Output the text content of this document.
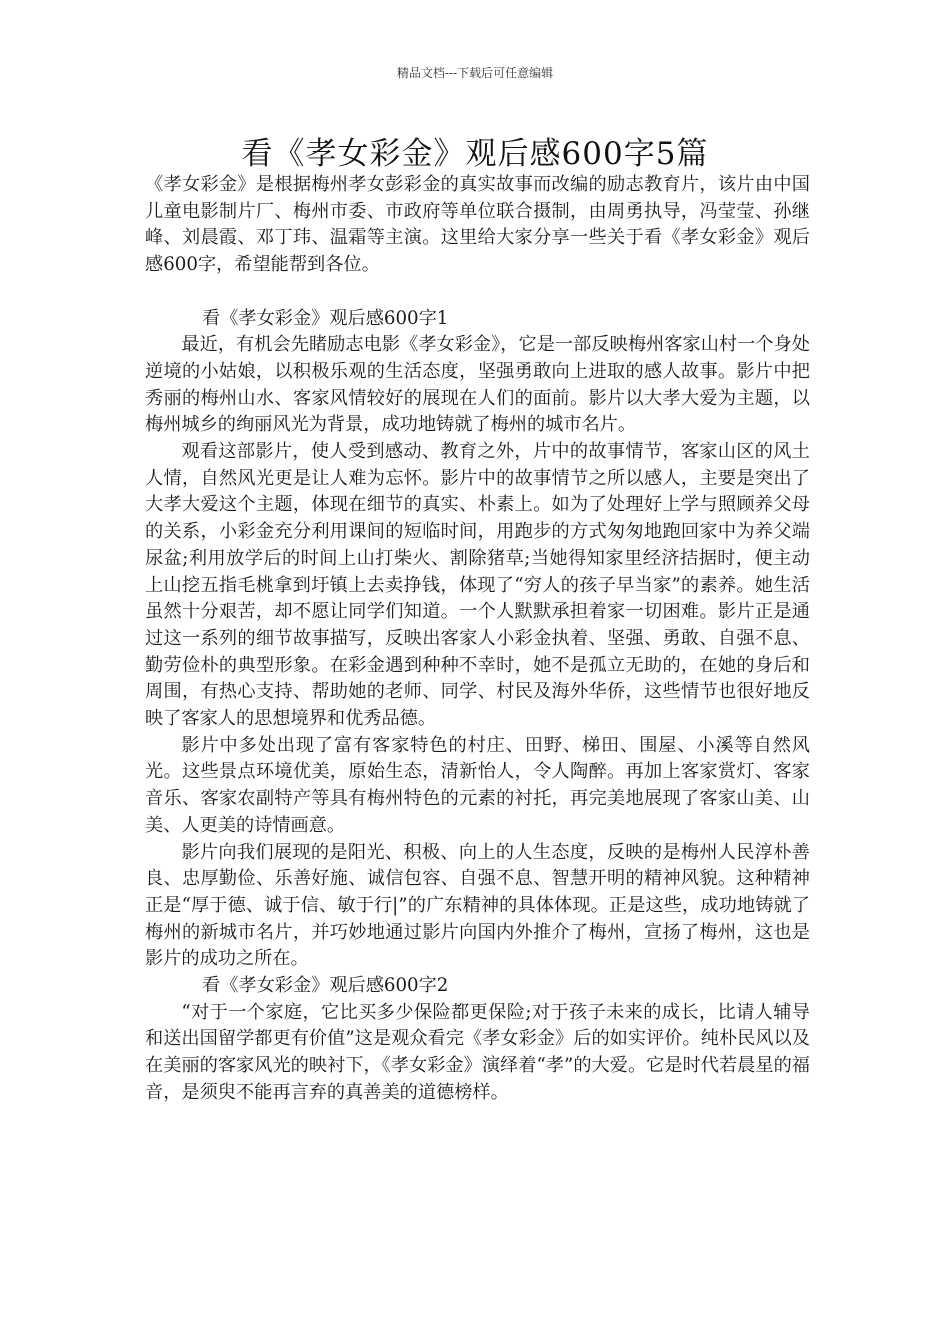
精品文档---下载后可任意编辑
看《孝女彩金》观后感600字5篇

《孝女彩金》是根据梅州孝女彭彩金的真实故事而改编的励志教育片，该片由中国儿童电影制片厂、梅州市委、市政府等单位联合摄制，由周勇执导，冯莹莹、孙继峰、刘晨霞、邓丁玮、温霜等主演。这里给大家分享一些关于看《孝女彩金》观后感600字，希望能帮到各位。

看《孝女彩金》观后感600字1

最近，有机会先睹励志电影《孝女彩金》，它是一部反映梅州客家山村一个身处逆境的小姑娘，以积极乐观的生活态度，坚强勇敢向上进取的感人故事。影片中把秀丽的梅州山水、客家风情较好的展现在人们的面前。影片以大孝大爱为主题，以梅州城乡的绚丽风光为背景，成功地铸就了梅州的城市名片。

观看这部影片，使人受到感动、教育之外，片中的故事情节，客家山区的风土人情，自然风光更是让人难为忘怀。影片中的故事情节之所以感人，主要是突出了大孝大爱这个主题，体现在细节的真实、朴素上。如为了处理好上学与照顾养父母的关系，小彩金充分利用课间的短临时间，用跑步的方式匆匆地跑回家中为养父端尿盆;利用放学后的时间上山打柴火、割除猪草;当她得知家里经济拮据时，便主动上山挖五指毛桃拿到圩镇上去卖挣钱，体现了“穷人的孩子早当家”的素养。她生活虽然十分艰苦，却不愿让同学们知道。一个人默默承担着家一切困难。影片正是通过这一系列的细节故事描写，反映出客家人小彩金执着、坚强、勇敢、自强不息、勤劳俭朴的典型形象。在彩金遇到种种不幸时，她不是孤立无助的，在她的身后和周围，有热心支持、帮助她的老师、同学、村民及海外华侨，这些情节也很好地反映了客家人的思想境界和优秀品德。

影片中多处出现了富有客家特色的村庄、田野、梯田、围屋、小溪等自然风光。这些景点环境优美，原始生态，清新怡人，令人陶醉。再加上客家赏灯、客家音乐、客家农副特产等具有梅州特色的元素的衬托，再完美地展现了客家山美、山美、人更美的诗情画意。

影片向我们展现的是阳光、积极、向上的人生态度，反映的是梅州人民淳朴善良、忠厚勤俭、乐善好施、诚信包容、自强不息、智慧开明的精神风貌。这种精神正是“厚于德、诚于信、敏于行|”的广东精神的具体体现。正是这些，成功地铸就了梅州的新城市名片，并巧妙地通过影片向国内外推介了梅州，宣扬了梅州，这也是影片的成功之所在。

看《孝女彩金》观后感600字2

“对于一个家庭，它比买多少保险都更保险;对于孩子未来的成长，比请人辅导和送出国留学都更有价值”这是观众看完《孝女彩金》后的如实评价。纯朴民风以及在美丽的客家风光的映衬下，《孝女彩金》演绎着“孝”的大爱。它是时代若晨星的福音，是须臾不能再言弃的真善美的道德榜样。
